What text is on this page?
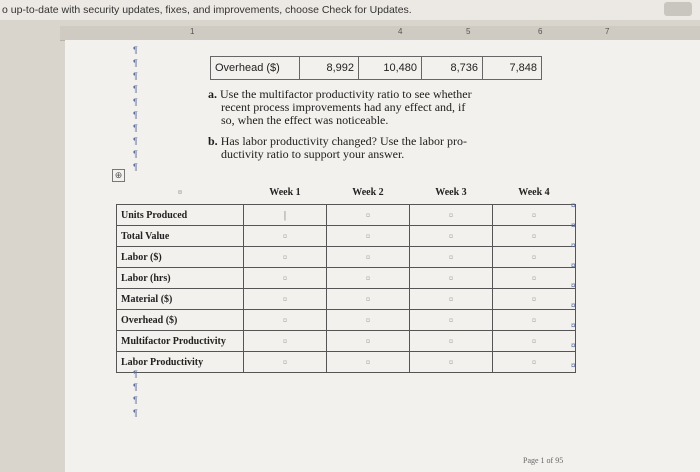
o up-to-date with security updates, fixes, and improvements, choose Check for Updates.
1	4	5	6	7
¶
¶
¶
¶
¶
¶
¶
¶
¶
¶
⊕
Overhead ($)	8,992	10,480	8,736	7,848
a. Use the multifactor productivity ratio to see whether
recent process improvements had any effect and, if
so, when the effect was noticeable.
b. Has labor productivity changed? Use the labor pro-
ductivity ratio to support your answer.
¤	Week 1	Week 2	Week 3	Week 4
Units Produced	|	¤	¤	¤
Total Value	¤	¤	¤	¤
Labor ($)	¤	¤	¤	¤
Labor (hrs)	¤	¤	¤	¤
Material ($)	¤	¤	¤	¤
Overhead ($)	¤	¤	¤	¤
Multifactor Productivity	¤	¤	¤	¤
Labor Productivity	¤	¤	¤	¤
¤
¤
¤
¤
¤
¤
¤
¤
¤
¶
¶
¶
¶
Page 1 of 95
